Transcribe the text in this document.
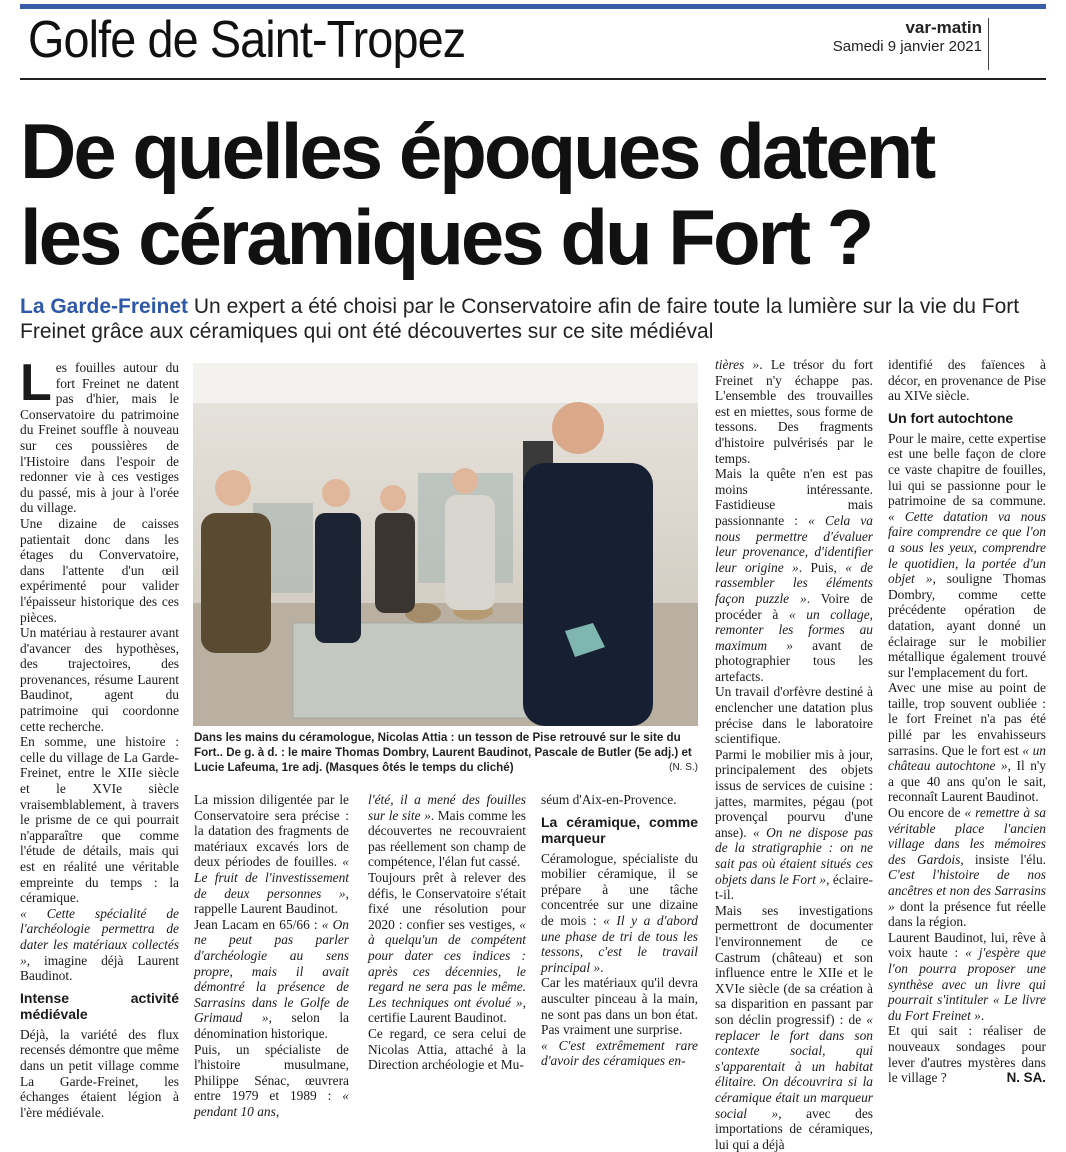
Golfe de Saint-Tropez	var-matin
Samedi 9 janvier 2021
De quelles époques datent
les céramiques du Fort ?
La Garde-Freinet Un expert a été choisi par le Conservatoire afin de faire toute la lumière sur la vie du Fort Freinet grâce aux céramiques qui ont été découvertes sur ce site médiéval

Les fouilles autour du fort Freinet ne datent pas d'hier, mais le Conservatoire du patrimoine du Freinet souffle à nouveau sur ces poussières de l'Histoire dans l'espoir de redonner vie à ces vestiges du passé, mis à jour à l'orée du village.

Une dizaine de caisses patientait donc dans les étages du Convervatoire, dans l'attente d'un œil expérimenté pour valider l'épaisseur historique des ces pièces.

Un matériau à restaurer avant d'avancer des hypothèses, des trajectoires, des provenances, résume Laurent Baudinot, agent du patrimoine qui coordonne cette recherche.

En somme, une histoire : celle du village de La Garde-Freinet, entre le XIIe siècle et le XVIe siècle vraisemblablement, à travers le prisme de ce qui pourrait n'apparaître que comme l'étude de détails, mais qui est en réalité une véritable empreinte du temps : la céramique.

« Cette spécialité de l'archéologie permettra de dater les matériaux collectés », imagine déjà Laurent Baudinot.

Intense activité médiévale

Déjà, la variété des flux recensés démontre que même dans un petit village comme La Garde-Freinet, les échanges étaient légion à l'ère médiévale.

Dans les mains du céramologue, Nicolas Attia : un tesson de Pise retrouvé sur le site du Fort.. De g. à d. : le maire Thomas Dombry, Laurent Baudinot, Pascale de Butler (5e adj.) et Lucie Lafeuma, 1re adj. (Masques ôtés le temps du cliché)	(N. S.)

La mission diligentée par le Conservatoire sera précise : la datation des fragments de matériaux excavés lors de deux périodes de fouilles. « Le fruit de l'investissement de deux personnes », rappelle Laurent Baudinot.

Jean Lacam en 65/66 : « On ne peut pas parler d'archéologie au sens propre, mais il avait démontré la présence de Sarrasins dans le Golfe de Grimaud », selon la dénomination historique.

Puis, un spécialiste de l'histoire musulmane, Philippe Sénac, œuvrera entre 1979 et 1989 : « pendant 10 ans,

l'été, il a mené des fouilles sur le site ». Mais comme les découvertes ne recouvraient pas réellement son champ de compétence, l'élan fut cassé.

Toujours prêt à relever des défis, le Conservatoire s'était fixé une résolution pour 2020 : confier ses vestiges, « à quelqu'un de compétent pour dater ces indices : après ces décennies, le regard ne sera pas le même. Les techniques ont évolué », certifie Laurent Baudinot.

Ce regard, ce sera celui de Nicolas Attia, attaché à la Direction archéologie et Mu-

séum d'Aix-en-Provence.

La céramique, comme marqueur

Céramologue, spécialiste du mobilier céramique, il se prépare à une tâche concentrée sur une dizaine de mois : « Il y a d'abord une phase de tri de tous les tessons, c'est le travail principal ».

Car les matériaux qu'il devra ausculter pinceau à la main, ne sont pas dans un bon état. Pas vraiment une surprise.

« C'est extrêmement rare d'avoir des céramiques en-

tières ». Le trésor du fort Freinet n'y échappe pas. L'ensemble des trouvailles est en miettes, sous forme de tessons. Des fragments d'histoire pulvérisés par le temps.

Mais la quête n'en est pas moins intéressante. Fastidieuse mais passionnante : « Cela va nous permettre d'évaluer leur provenance, d'identifier leur origine ». Puis, « de rassembler les éléments façon puzzle ». Voire de procéder à « un collage, remonter les formes au maximum » avant de photographier tous les artefacts.

Un travail d'orfèvre destiné à enclencher une datation plus précise dans le laboratoire scientifique.

Parmi le mobilier mis à jour, principalement des objets issus de services de cuisine : jattes, marmites, pégau (pot provençal pourvu d'une anse). « On ne dispose pas de la stratigraphie : on ne sait pas où étaient situés ces objets dans le Fort », éclaire-t-il.

Mais ses investigations permettront de documenter l'environnement de ce Castrum (château) et son influence entre le XIIe et le XVIe siècle (de sa création à sa disparition en passant par son déclin progressif) : de « replacer le fort dans son contexte social, qui s'apparentait à un habitat élitaire. On découvrira si la céramique était un marqueur social », avec des importations de céramiques, lui qui a déjà

identifié des faïences à décor, en provenance de Pise au XIVe siècle.

Un fort autochtone

Pour le maire, cette expertise est une belle façon de clore ce vaste chapitre de fouilles, lui qui se passionne pour le patrimoine de sa commune. « Cette datation va nous faire comprendre ce que l'on a sous les yeux, comprendre le quotidien, la portée d'un objet », souligne Thomas Dombry, comme cette précédente opération de datation, ayant donné un éclairage sur le mobilier métallique également trouvé sur l'emplacement du fort.

Avec une mise au point de taille, trop souvent oubliée : le fort Freinet n'a pas été pillé par les envahisseurs sarrasins. Que le fort est « un château autochtone », Il n'y a que 40 ans qu'on le sait, reconnaît Laurent Baudinot.

Ou encore de « remettre à sa véritable place l'ancien village dans les mémoires des Gardois, insiste l'élu. C'est l'histoire de nos ancêtres et non des Sarrasins » dont la présence fut réelle dans la région.

Laurent Baudinot, lui, rêve à voix haute : « j'espère que l'on pourra proposer une synthèse avec un livre qui pourrait s'intituler « Le livre du Fort Freinet ».

Et qui sait : réaliser de nouveaux sondages pour lever d'autres mystères dans le village ?	N. SA.
